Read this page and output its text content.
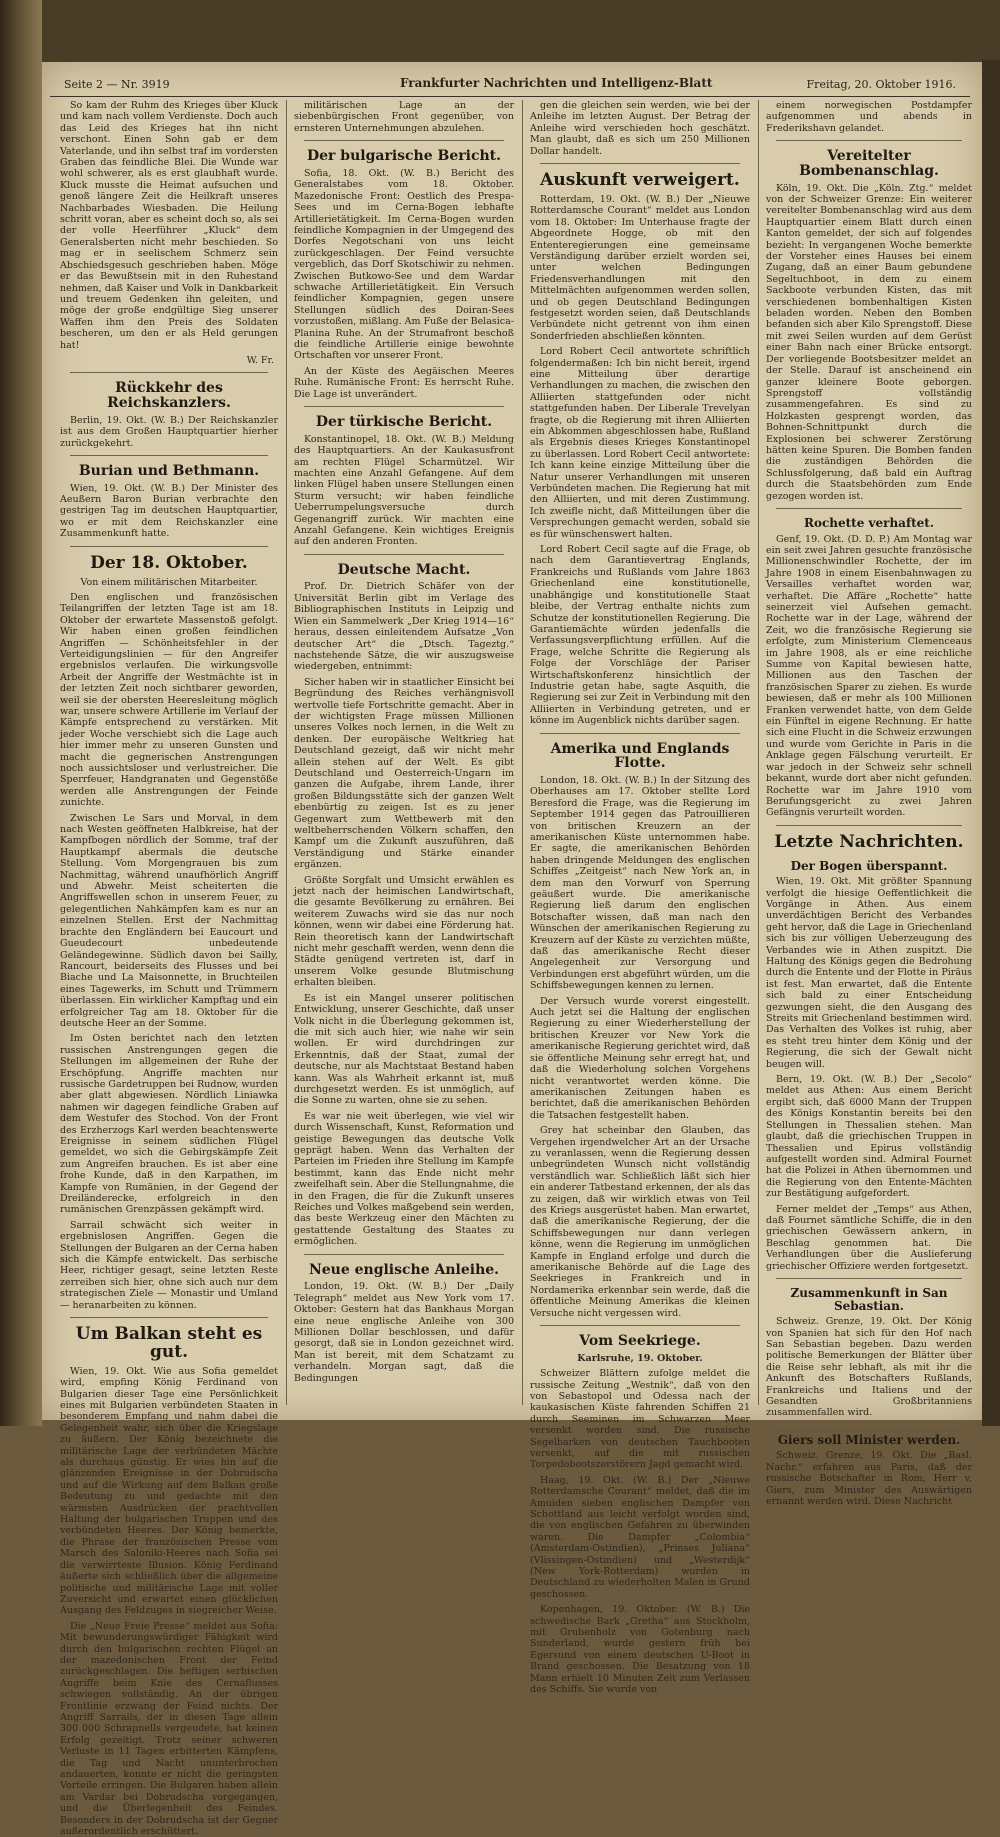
Seite 2 — Nr. 3919	Frankfurter Nachrichten und Intelligenz-Blatt	Freitag, 20. Oktober 1916.

So kam der Ruhm des Krieges über Kluck und kam nach vollem Verdienste. Doch auch das Leid des Krieges hat ihn nicht verschont. Einen Sohn gab er dem Vaterlande, und ihn selbst traf im vordersten Graben das feindliche Blei. Die Wunde war wohl schwerer, als es erst glaubhaft wurde. Kluck musste die Heimat aufsuchen und genoß längere Zeit die Heilkraft unseres Nachbarbades Wiesbaden. Die Heilung schritt voran, aber es scheint doch so, als sei der volle Heerführer „Kluck“ dem Generalsberten nicht mehr beschieden. So mag er in seelischem Schmerz sein Abschiedsgesuch geschrieben haben. Möge er das Bewußtsein mit in den Ruhestand nehmen, daß Kaiser und Volk in Dankbarkeit und treuem Gedenken ihn geleiten, und möge der große endgültige Sieg unserer Waffen ihm den Preis des Soldaten bescheren, um den er als Held gerungen hat!

W. Fr.
Rückkehr des Reichskanzlers.

Berlin, 19. Okt. (W. B.) Der Reichskanzler ist aus dem Großen Hauptquartier hierher zurückgekehrt.

Burian und Bethmann.

Wien, 19. Okt. (W. B.) Der Minister des Aeußern Baron Burian verbrachte den gestrigen Tag im deutschen Hauptquartier, wo er mit dem Reichskanzler eine Zusammenkunft hatte.

Der 18. Oktober.

Von einem militärischen Mitarbeiter.

Den englischen und französischen Teilangriffen der letzten Tage ist am 18. Oktober der erwartete Massenstoß gefolgt. Wir haben einen großen feindlichen Angriffen — Schönheitsfehler in der Verteidigungslinien — für den Angreifer ergebnislos verlaufen. Die wirkungsvolle Arbeit der Angriffe der Westmächte ist in der letzten Zeit noch sichtbarer geworden, weil sie der obersten Heeresleitung möglich war, unsere schwere Artillerie im Verlauf der Kämpfe entsprechend zu verstärken. Mit jeder Woche verschiebt sich die Lage auch hier immer mehr zu unseren Gunsten und macht die gegnerischen Anstrengungen noch aussichtsloser und verlustreicher. Die Sperrfeuer, Handgranaten und Gegenstöße werden alle Anstrengungen der Feinde zunichte.

Zwischen Le Sars und Morval, in dem nach Westen geöffneten Halbkreise, hat der Kampfbogen nördlich der Somme, traf der Hauptkampf abermals die deutsche Stellung. Vom Morgengrauen bis zum Nachmittag, während unaufhörlich Angriff und Abwehr. Meist scheiterten die Angriffswellen schon in unserem Feuer, zu gelegentlichen Nahkämpfen kam es nur an einzelnen Stellen. Erst der Nachmittag brachte den Engländern bei Eaucourt und Gueudecourt unbedeutende Geländegewinne. Südlich davon bei Sailly, Rancourt, beiderseits des Flusses und bei Biache und La Maisonnette, in Bruchteilen eines Tagewerks, im Schutt und Trümmern überlassen. Ein wirklicher Kampftag und ein erfolgreicher Tag am 18. Oktober für die deutsche Heer an der Somme.

Im Osten berichtet nach den letzten russischen Anstrengungen gegen die Stellungen im allgemeinen der Ruhe der Erschöpfung. Angriffe machten nur russische Gardetruppen bei Rudnow, wurden aber glatt abgewiesen. Nördlich Liniawka nahmen wir dagegen feindliche Graben auf dem Westufer des Stochod. Von der Front des Erzherzogs Karl werden beachtenswerte Ereignisse in seinem südlichen Flügel gemeldet, wo sich die Gebirgskämpfe Zeit zum Angreifen brauchen. Es ist aber eine frohe Kunde, daß in den Karpathen, im Kampfe von Rumänien, in der Gegend der Dreiländerecke, erfolgreich in den rumänischen Grenzpässen gekämpft wird.

Sarrail schwächt sich weiter in ergebnislosen Angriffen. Gegen die Stellungen der Bulgaren an der Cerna haben sich die Kämpfe entwickelt. Das serbische Heer, richtiger gesagt, seine letzten Reste zerreiben sich hier, ohne sich auch nur dem strategischen Ziele — Monastir und Umland — heranarbeiten zu können.

Um Balkan steht es gut.

Wien, 19. Okt. Wie aus Sofia gemeldet wird, empfing König Ferdinand von Bulgarien dieser Tage eine Persönlichkeit eines mit Bulgarien verbündeten Staaten in besonderem Empfang und nahm dabei die Gelegenheit wahr, sich über die Kriegslage zu äußern. Der König bezeichnete die militärische Lage der verbündeten Mächte als durchaus günstig. Er wies hin auf die glänzenden Ereignisse in der Dobrudscha und auf die Wirkung auf dem Balkan große Bedeutung zu und gedachte mit den wärmsten Ausdrücken der prachtvollen Haltung der bulgarischen Truppen und des verbündeten Heeres. Der König bemerkte, die Phrase der französischen Presse vom Marsch des Saloniki-Heeres nach Sofia sei die verwirrteste Illusion. König Ferdinand äußerte sich schließlich über die allgemeine politische und militärische Lage mit voller Zuversicht und erwartet einen glücklichen Ausgang des Feldzuges in siegreicher Weise.

Die „Neue Freie Presse“ meldet aus Sofia: Mit bewunderungswürdiger Fähigkeit wird durch den bulgarischen rechten Flügel an der mazedonischen Front der Feind zurückgeschlagen. Die heftigen serbischen Angriffe beim Knie des Cernaflusses schwiegen vollständig. An der übrigen Frontlinie erzwang der Feind nichts. Der Angriff Sarrails, der in diesen Tage allein 300 000 Schrapnells vergeudete, hat keinen Erfolg gezeitigt. Trotz seiner schweren Verluste in 11 Tagen erbitterten Kämpfens, die Tag und Nacht ununterbrochen andauerten, konnte er nicht die geringsten Vorteile erringen. Die Bulgaren haben allein am Vardar bei Dobrudscha vorgegangen, und die Überlegenheit des Feindes. Besonders in der Dobrudscha ist der Gegner außerordentlich erschüttert.

militärischen Lage an der siebenbürgischen Front gegenüber, von ernsteren Unternehmungen abzulehen.

Der bulgarische Bericht.

Sofia, 18. Okt. (W. B.) Bericht des Generalstabes vom 18. Oktober. Mazedonische Front: Oestlich des Prespa-Sees und im Cerna-Bogen lebhafte Artillerietätigkeit. Im Cerna-Bogen wurden feindliche Kompagnien in der Umgegend des Dorfes Negotschani von uns leicht zurückgeschlagen. Der Feind versuchte vergeblich, das Dorf Skotschiwir zu nehmen. Zwischen Butkowo-See und dem Wardar schwache Artillerietätigkeit. Ein Versuch feindlicher Kompagnien, gegen unsere Stellungen südlich des Doiran-Sees vorzustoßen, mißlang. Am Fuße der Belasica-Planina Ruhe. An der Strumafront beschoß die feindliche Artillerie einige bewohnte Ortschaften vor unserer Front.

An der Küste des Aegäischen Meeres Ruhe. Rumänische Front: Es herrscht Ruhe. Die Lage ist unverändert.

Der türkische Bericht.

Konstantinopel, 18. Okt. (W. B.) Meldung des Hauptquartiers. An der Kaukasusfront am rechten Flügel Scharmützel. Wir machten eine Anzahl Gefangene. Auf dem linken Flügel haben unsere Stellungen einen Sturm versucht; wir haben feindliche Ueberrumpelungsversuche durch Gegenangriff zurück. Wir machten eine Anzahl Gefangene. Kein wichtiges Ereignis auf den anderen Fronten.

Deutsche Macht.

Prof. Dr. Dietrich Schäfer von der Universität Berlin gibt im Verlage des Bibliographischen Instituts in Leipzig und Wien ein Sammelwerk „Der Krieg 1914—16“ heraus, dessen einleitendem Aufsatze „Von deutscher Art“ die „Dtsch. Tageztg.“ nachstehende Sätze, die wir auszugsweise wiedergeben, entnimmt:

Sicher haben wir in staatlicher Einsicht bei Begründung des Reiches verhängnisvoll wertvolle tiefe Fortschritte gemacht. Aber in der wichtigsten Frage müssen Millionen unseres Volkes noch lernen, in die Welt zu denken. Der europäische Weltkrieg hat Deutschland gezeigt, daß wir nicht mehr allein stehen auf der Welt. Es gibt Deutschland und Oesterreich-Ungarn im ganzen die Aufgabe, ihrem Lande, ihrer großen Bildungsstätte sich der ganzen Welt ebenbürtig zu zeigen. Ist es zu jener Gegenwart zum Wettbewerb mit den weltbeherrschenden Völkern schaffen, den Kampf um die Zukunft auszuführen, daß Verständigung und Stärke einander ergänzen.

Größte Sorgfalt und Umsicht erwählen es jetzt nach der heimischen Landwirtschaft, die gesamte Bevölkerung zu ernähren. Bei weiterem Zuwachs wird sie das nur noch können, wenn wir dabei eine Förderung hat. Rein theoretisch kann der Landwirtschaft nicht mehr geschafft werden, wenn denn die Städte genügend vertreten ist, darf in unserem Volke gesunde Blutmischung erhalten bleiben.

Es ist ein Mangel unserer politischen Entwicklung, unserer Geschichte, daß unser Volk nicht in die Überlegung gekommen ist, die mit sich auch hier, wie nahe wir sein wollen. Er wird durchdringen zur Erkenntnis, daß der Staat, zumal der deutsche, nur als Machtstaat Bestand haben kann. Was als Wahrheit erkannt ist, muß durchgesetzt werden. Es ist unmöglich, auf die Sonne zu warten, ohne sie zu sehen.

Es war nie weit überlegen, wie viel wir durch Wissenschaft, Kunst, Reformation und geistige Bewegungen das deutsche Volk geprägt haben. Wenn das Verhalten der Parteien im Frieden ihre Stellung im Kampfe bestimmt, kann das Ende nicht mehr zweifelhaft sein. Aber die Stellungnahme, die in den Fragen, die für die Zukunft unseres Reiches und Volkes maßgebend sein werden, das beste Werkzeug einer den Mächten zu gestattende Gestaltung des Staates zu ermöglichen.

Neue englische Anleihe.

London, 19. Okt. (W. B.) Der „Daily Telegraph“ meldet aus New York vom 17. Oktober: Gestern hat das Bankhaus Morgan eine neue englische Anleihe von 300 Millionen Dollar beschlossen, und dafür gesorgt, daß sie in London gezeichnet wird. Man ist bereit, mit dem Schatzamt zu verhandeln. Morgan sagt, daß die Bedingungen

gen die gleichen sein werden, wie bei der Anleihe im letzten August. Der Betrag der Anleihe wird verschieden hoch geschätzt. Man glaubt, daß es sich um 250 Millionen Dollar handelt.

Auskunft verweigert.

Rotterdam, 19. Okt. (W. B.) Der „Nieuwe Rotterdamsche Courant“ meldet aus London vom 18. Oktober: Im Unterhause fragte der Abgeordnete Hogge, ob mit den Ententeregierungen eine gemeinsame Verständigung darüber erzielt worden sei, unter welchen Bedingungen Friedensverhandlungen mit den Mittelmächten aufgenommen werden sollen, und ob gegen Deutschland Bedingungen festgesetzt worden seien, daß Deutschlands Verbündete nicht getrennt von ihm einen Sonderfrieden abschließen könnten.

Lord Robert Cecil antwortete schriftlich folgendermaßen: Ich bin nicht bereit, irgend eine Mitteilung über derartige Verhandlungen zu machen, die zwischen den Alliierten stattgefunden oder nicht stattgefunden haben. Der Liberale Trevelyan fragte, ob die Regierung mit ihren Alliierten ein Abkommen abgeschlossen habe, Rußland als Ergebnis dieses Krieges Konstantinopel zu überlassen. Lord Robert Cecil antwortete: Ich kann keine einzige Mitteilung über die Natur unserer Verhandlungen mit unseren Verbündeten machen. Die Regierung hat mit den Alliierten, und mit deren Zustimmung. Ich zweifle nicht, daß Mitteilungen über die Versprechungen gemacht werden, sobald sie es für wünschenswert halten.

Lord Robert Cecil sagte auf die Frage, ob nach dem Garantievertrag Englands, Frankreichs und Rußlands vom Jahre 1863 Griechenland eine konstitutionelle, unabhängige und konstitutionelle Staat bleibe, der Vertrag enthalte nichts zum Schutze der konstitutionellen Regierung. Die Garantiemächte würden jedenfalls die Verfassungsverpflichtung erfüllen. Auf die Frage, welche Schritte die Regierung als Folge der Vorschläge der Pariser Wirtschaftskonferenz hinsichtlich der Industrie getan habe, sagte Asquith, die Regierung sei zur Zeit in Verbindung mit den Alliierten in Verbindung getreten, und er könne im Augenblick nichts darüber sagen.

Amerika und Englands Flotte.

London, 18. Okt. (W. B.) In der Sitzung des Oberhauses am 17. Oktober stellte Lord Beresford die Frage, was die Regierung im September 1914 gegen das Patrouillieren von britischen Kreuzern an der amerikanischen Küste unternommen habe. Er sagte, die amerikanischen Behörden haben dringende Meldungen des englischen Schiffes „Zeitgeist“ nach New York an, in dem man den Vorwurf von Sperrung geäußert wurde. Die amerikanische Regierung ließ darum den englischen Botschafter wissen, daß man nach den Wünschen der amerikanischen Regierung zu Kreuzern auf der Küste zu verzichten müßte, daß das amerikanische Recht dieser Angelegenheit zur Versorgung und Verbindungen erst abgeführt würden, um die Schiffsbewegungen kennen zu lernen.

Der Versuch wurde vorerst eingestellt. Auch jetzt sei die Haltung der englischen Regierung zu einer Wiederherstellung der britischen Kreuzer vor New York die amerikanische Regierung gerichtet wird, daß sie öffentliche Meinung sehr erregt hat, und daß die Wiederholung solchen Vorgehens nicht verantwortet werden könne. Die amerikanischen Zeitungen haben es berichtet, daß die amerikanischen Behörden die Tatsachen festgestellt haben.

Grey hat scheinbar den Glauben, das Vergehen irgendwelcher Art an der Ursache zu veranlassen, wenn die Regierung dessen unbegründeten Wunsch nicht vollständig verständlich war. Schließlich läßt sich hier ein anderer Tatbestand erkennen, der als das zu zeigen, daß wir wirklich etwas von Teil des Kriegs ausgerüstet haben. Man erwartet, daß die amerikanische Regierung, der die Schiffsbewegungen nur dann verlegen könne, wenn die Regierung im unmöglichen Kampfe in England erfolge und durch die amerikanische Behörde auf die Lage des Seekrieges in Frankreich und in Nordamerika erkennbar sein werde, daß die öffentliche Meinung Amerikas die kleinen Versuche nicht vergessen wird.

Vom Seekriege.

Karlsruhe, 19. Oktober.

Schweizer Blättern zufolge meldet die russische Zeitung „Westnik“, daß von den von Sebastopol und Odessa nach der kaukasischen Küste fahrenden Schiffen 21 durch Seeminen im Schwarzen Meer versenkt worden sind. Die russische Segelbarken von deutschen Tauchbooten versenkt, auf die mit russischen Torpedobootszerstörern Jagd gemacht wird.

Haag, 19. Okt. (W. B.) Der „Nieuwe Rotterdamsche Courant“ meldet, daß die im Amuiden sieben englischen Dampfer von Schottland aus leicht verfolgt worden sind, die von englischen Gefahren zu überwinden waren. Die Dampfer „Colombia“ (Amsterdam-Ostindien), „Prinses Juliana“ (Vlissingen-Ostindien) und „Westerdijk“ (New York-Rotterdam) wurden in Deutschland zu wiederholten Malen in Grund geschossen.

Kopenhagen, 19. Oktober. (W. B.) Die schwedische Bark „Gretha“ aus Stockholm, mit Grubenholz von Gotenburg nach Sunderland, wurde gestern früh bei Egersund von einem deutschen U-Boot in Brand geschossen. Die Besatzung von 18 Mann erhielt 10 Minuten Zeit zum Verlassen des Schiffs. Sie wurde von

einem norwegischen Postdampfer aufgenommen und abends in Frederikshavn gelandet.

Vereitelter Bombenanschlag.

Köln, 19. Okt. Die „Köln. Ztg.“ meldet von der Schweizer Grenze: Ein weiterer vereitelter Bombenanschlag wird aus dem Hauptquartier einem Blatt durch einen Kanton gemeldet, der sich auf folgendes bezieht: In vergangenen Woche bemerkte der Vorsteher eines Hauses bei einem Zugang, daß an einer Baum gebundene Segeltuchboot, in dem zu einem Sackboote verbunden Kisten, das mit verschiedenen bombenhaltigen Kisten beladen worden. Neben den Bomben befanden sich aber Kilo Sprengstoff. Diese mit zwei Seilen wurden auf dem Gerüst einer Bahn nach einer Brücke entsorgt. Der vorliegende Bootsbesitzer meldet an der Stelle. Darauf ist anscheinend ein ganzer kleinere Boote geborgen. Sprengstoff vollständig zusammengefahren. Es sind zu Holzkasten gesprengt worden, das Bohnen-Schnittpunkt durch die Explosionen bei schwerer Zerstörung hätten keine Spuren. Die Bomben fanden die zuständigen Behörden die Schlussfolgerung, daß bald ein Auftrag durch die Staatsbehörden zum Ende gezogen worden ist.

Rochette verhaftet.

Genf, 19. Okt. (D. D. P.) Am Montag war ein seit zwei Jahren gesuchte französische Millionenschwindler Rochette, der im Jahre 1908 in einem Eisenbahnwagen zu Versailles verhaftet worden war, verhaftet. Die Affäre „Rochette“ hatte seinerzeit viel Aufsehen gemacht. Rochette war in der Lage, während der Zeit, wo die französische Regierung sie erfolgte, zum Ministerium Clemenceaus im Jahre 1908, als er eine reichliche Summe von Kapital bewiesen hatte, Millionen aus den Taschen der französischen Sparer zu ziehen. Es wurde bewiesen, daß er mehr als 100 Millionen Franken verwendet hatte, von dem Gelde ein Fünftel in eigene Rechnung. Er hatte sich eine Flucht in die Schweiz erzwungen und wurde vom Gerichte in Paris in die Anklage gegen Fälschung verurteilt. Er war jedoch in der Schweiz sehr schnell bekannt, wurde dort aber nicht gefunden. Rochette war im Jahre 1910 vom Berufungsgericht zu zwei Jahren Gefängnis verurteilt worden.

Letzte Nachrichten.
Der Bogen überspannt.

Wien, 19. Okt. Mit größter Spannung verfolgt die hiesige Oeffentlichkeit die Vorgänge in Athen. Aus einem unverdächtigen Bericht des Verbandes geht hervor, daß die Lage in Griechenland sich bis zur völligen Ueberzeugung des Verbandes wie in Athen zuspitzt. Die Haltung des Königs gegen die Bedrohung durch die Entente und der Flotte in Piräus ist fest. Man erwartet, daß die Entente sich bald zu einer Entscheidung gezwungen sieht, die den Ausgang des Streits mit Griechenland bestimmen wird. Das Verhalten des Volkes ist ruhig, aber es steht treu hinter dem König und der Regierung, die sich der Gewalt nicht beugen will.

Bern, 19. Okt. (W. B.) Der „Secolo“ meldet aus Athen: Aus einem Bericht ergibt sich, daß 6000 Mann der Truppen des Königs Konstantin bereits bei den Stellungen in Thessalien stehen. Man glaubt, daß die griechischen Truppen in Thessalien und Epirus vollständig aufgestellt worden sind. Admiral Fournet hat die Polizei in Athen übernommen und die Regierung von den Entente-Mächten zur Bestätigung aufgefordert.

Ferner meldet der „Temps“ aus Athen, daß Fournet sämtliche Schiffe, die in den griechischen Gewässern ankern, in Beschlag genommen hat. Die Verhandlungen über die Auslieferung griechischer Offiziere werden fortgesetzt.

Zusammenkunft in San Sebastian.

Schweiz. Grenze, 19. Okt. Der König von Spanien hat sich für den Hof nach San Sebastian begeben. Dazu werden politische Bemerkungen der Blätter über die Reise sehr lebhaft, als mit ihr die Ankunft des Botschafters Rußlands, Frankreichs und Italiens und der Gesandten Großbritanniens zusammenfallen wird.

Giers soll Minister werden.

Schweiz. Grenze, 19. Okt. Die „Basl. Nachr.“ erfahren aus Paris, daß der russische Botschafter in Rom, Herr v. Giers, zum Minister des Auswärtigen ernannt werden wird. Diese Nachricht
